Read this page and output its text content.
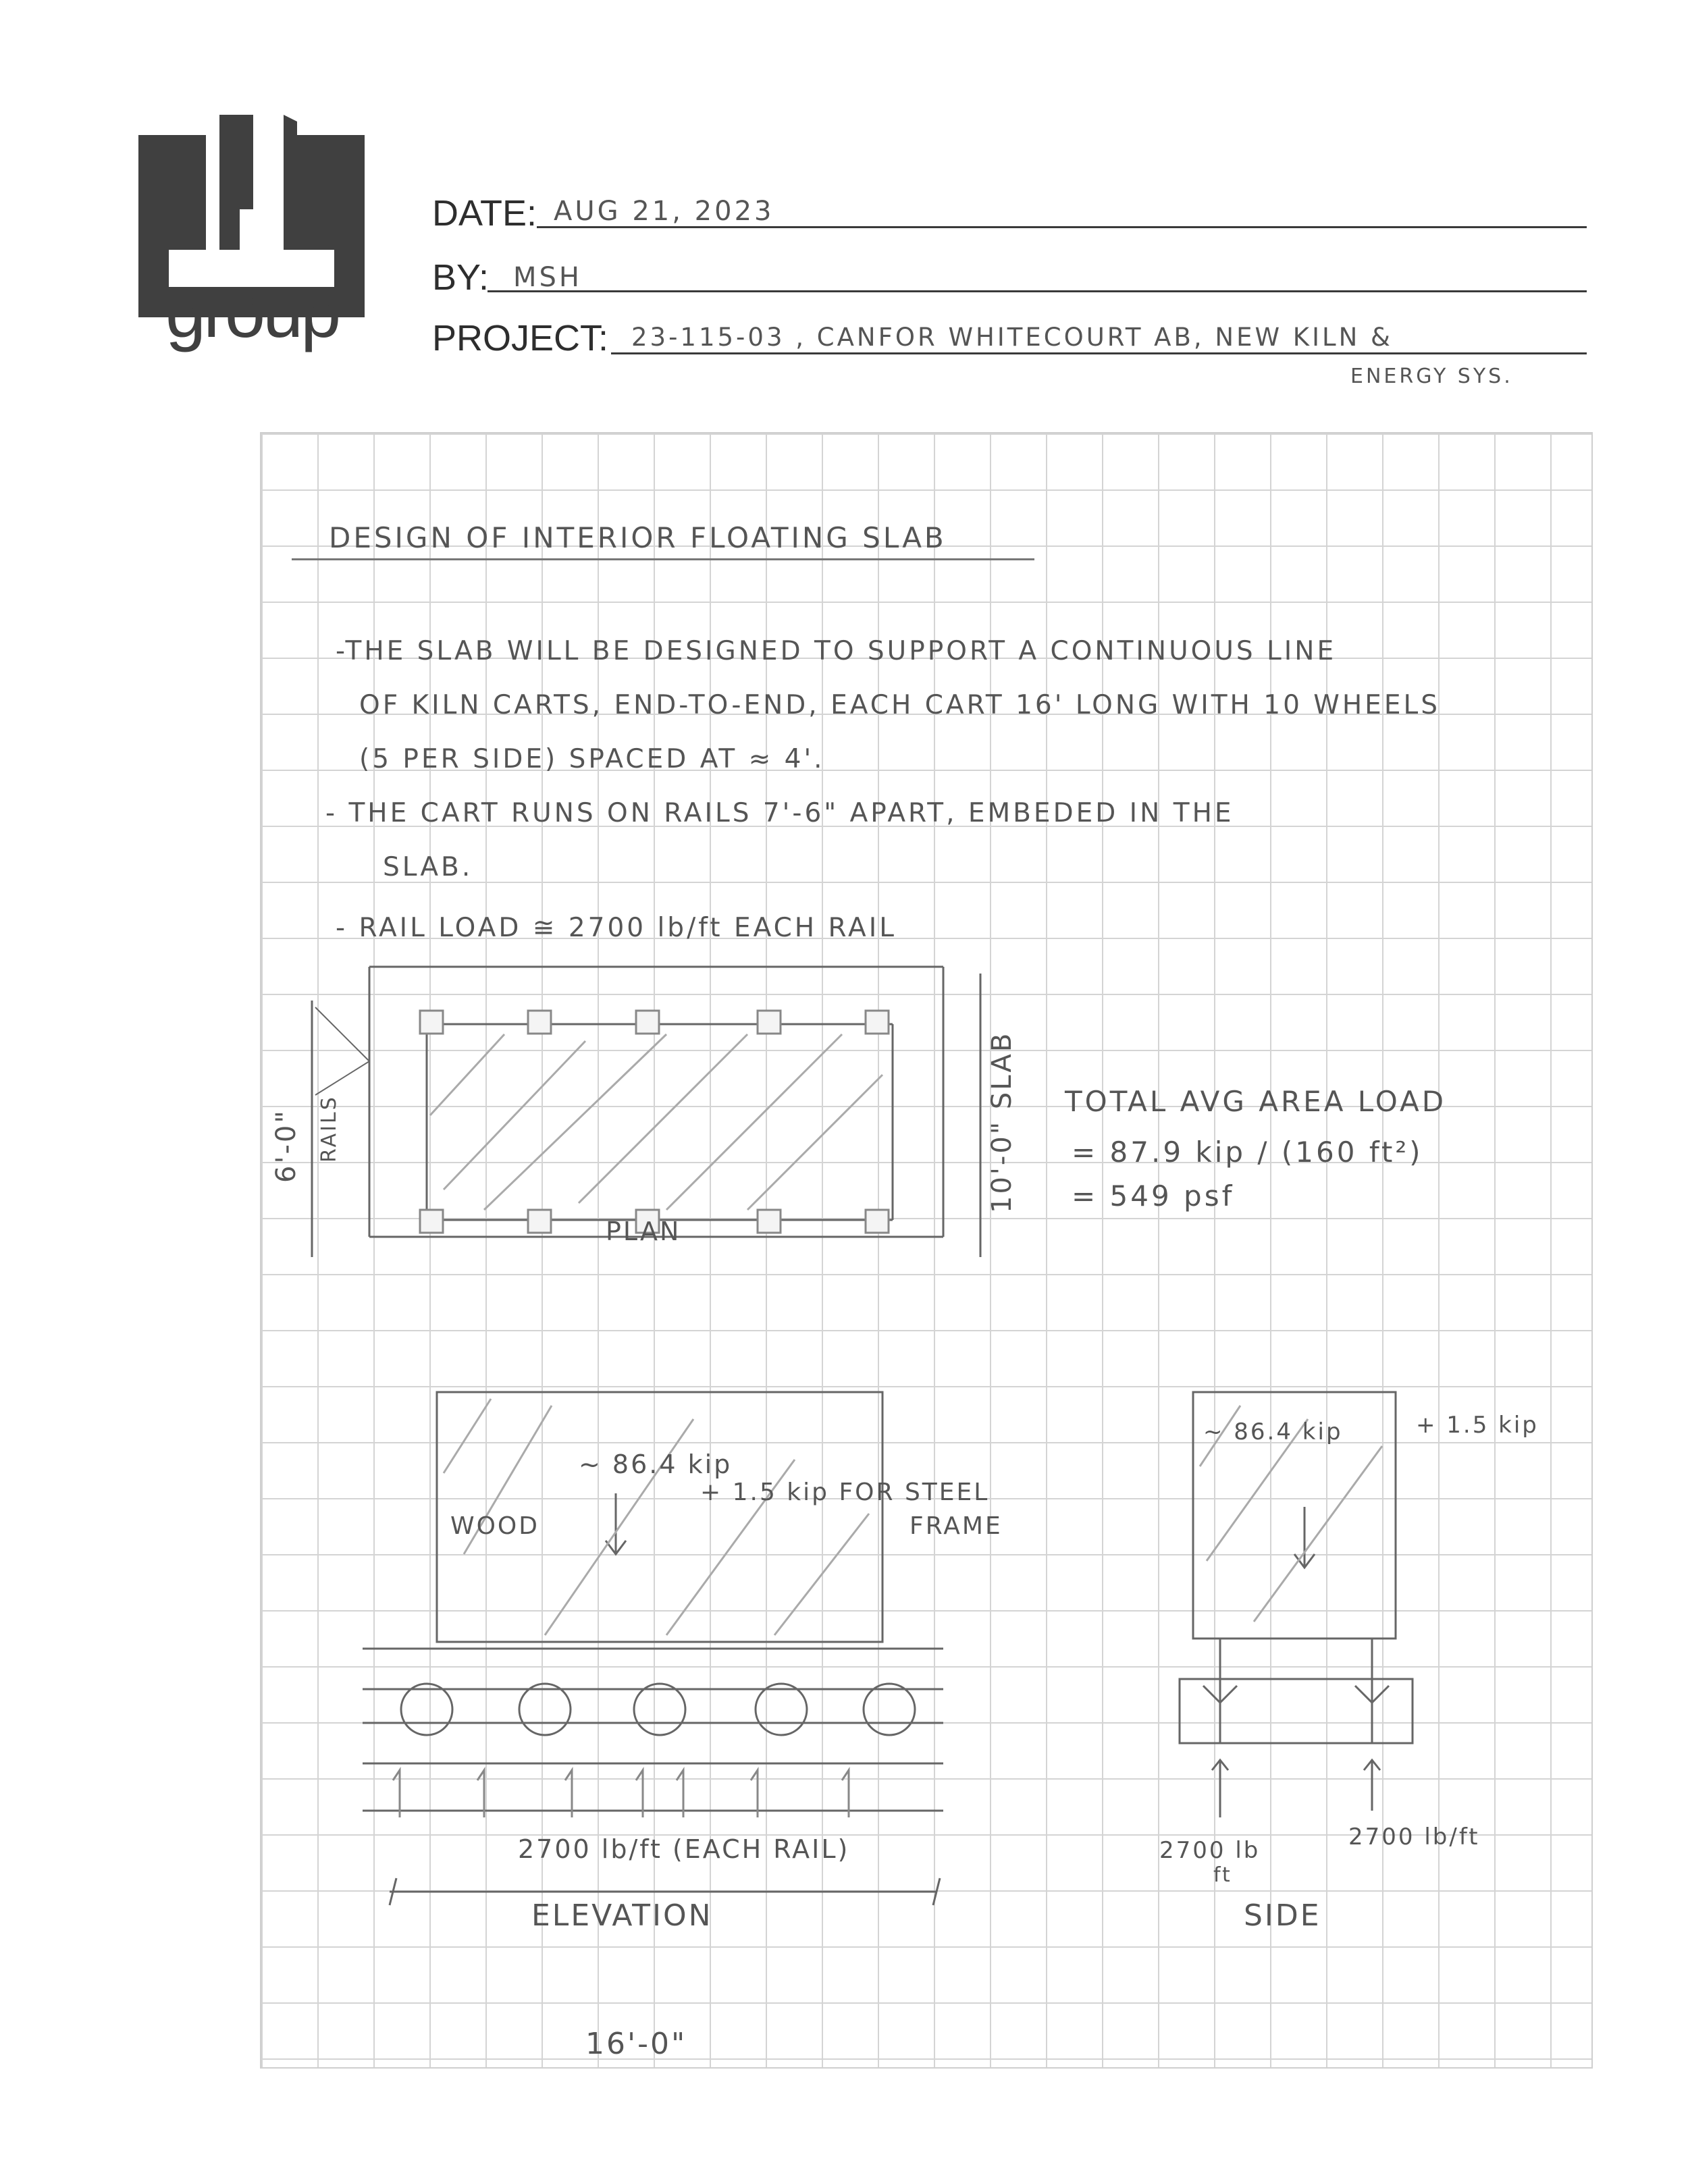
group
DATE: AUG 21, 2023
BY: MSH
PROJECT: 23-115-03 , CANFOR WHITECOURT AB, NEW KILN &
ENERGY SYS.
DESIGN OF INTERIOR FLOATING SLAB
-THE SLAB WILL BE DESIGNED TO SUPPORT A CONTINUOUS LINE
OF KILN CARTS, END-TO-END, EACH CART 16' LONG WITH 10 WHEELS
(5 PER SIDE) SPACED AT ≈ 4'.
- THE CART RUNS ON RAILS 7'-6" APART, EMBEDED IN THE
SLAB.
- RAIL LOAD ≅ 2700 lb/ft EACH RAIL
PLAN
6'-0" RAILS	10'-0" SLAB TOTAL AVG AREA LOAD
= 87.9 kip / (160 ft²)
= 549 psf
~ 86.4 kip
+ 1.5 kip FOR STEEL
FRAME
WOOD
2700 lb/ft (EACH RAIL)
ELEVATION
16'-0"
~ 86.4 kip	+ 1.5 kip
2700 lb
ft
2700 lb/ft
SIDE
